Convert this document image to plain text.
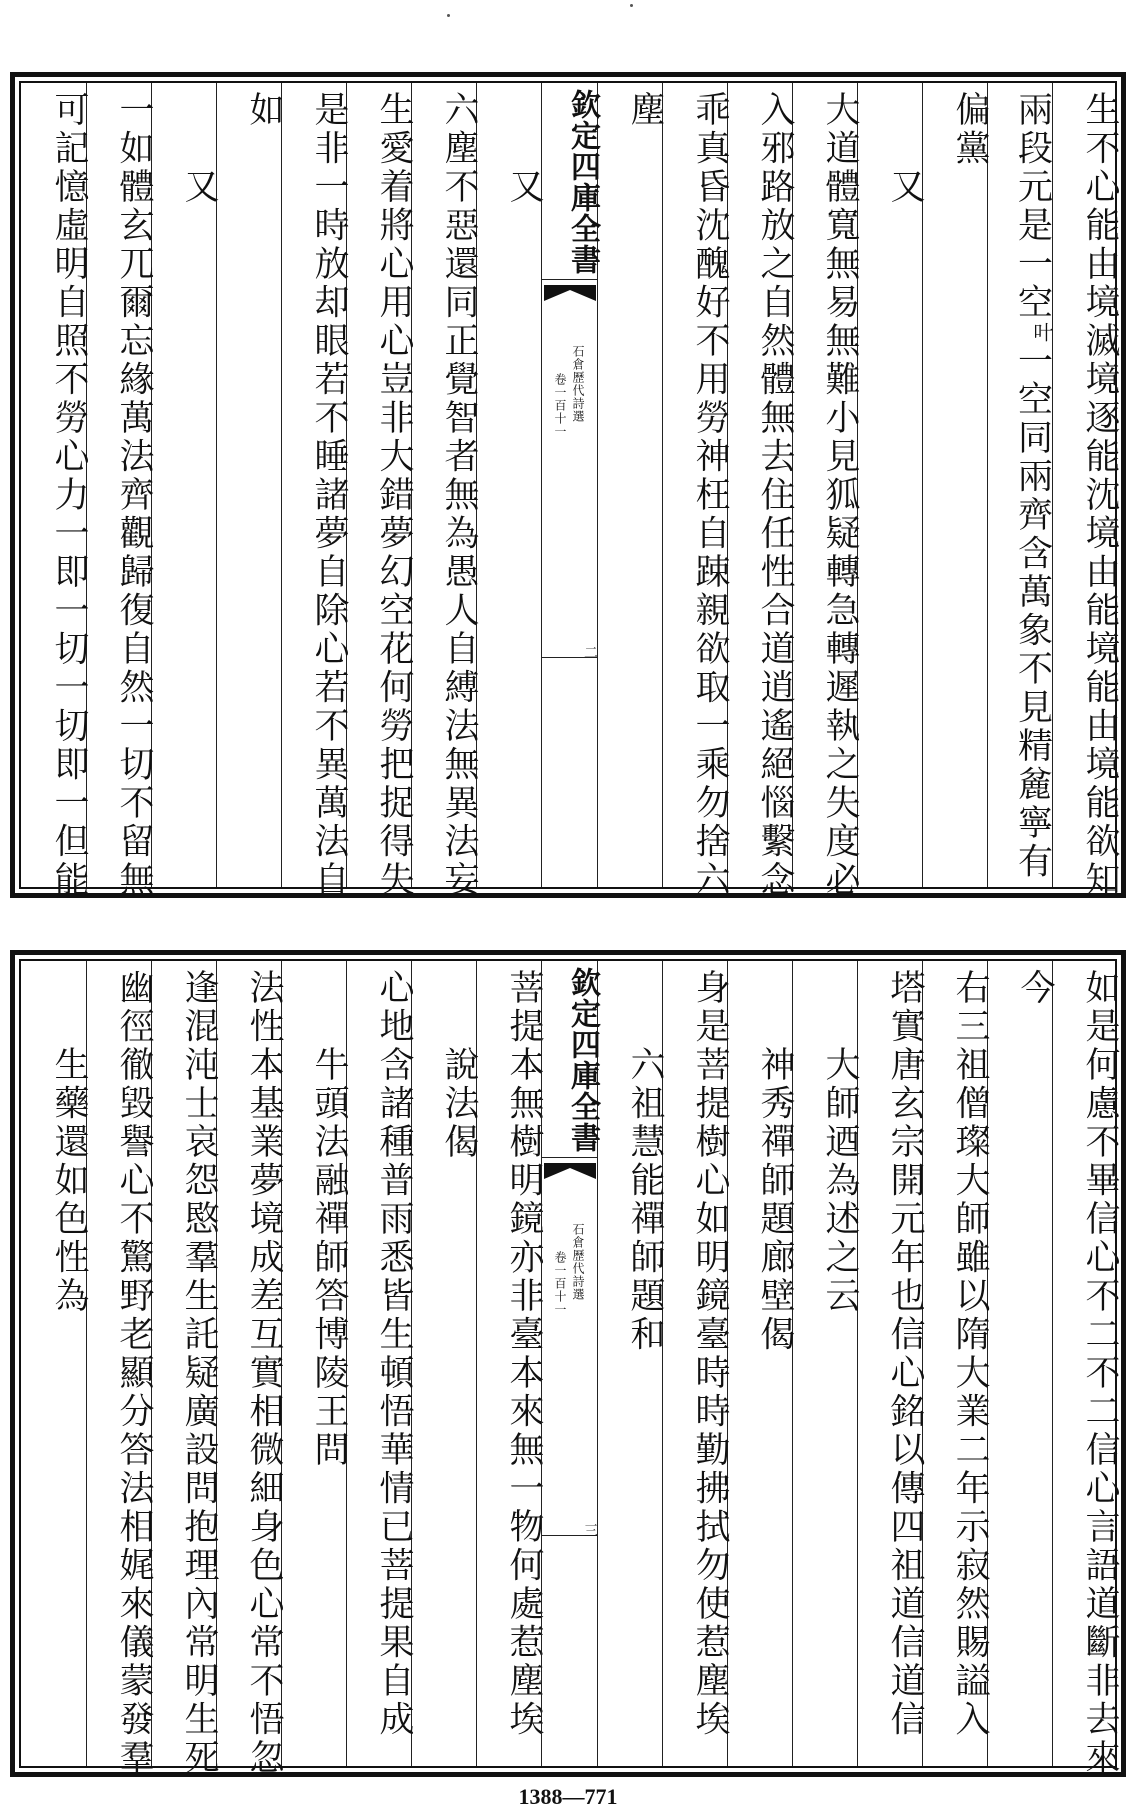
生不心能由境滅境逐能沈境由能境能由境能欲知
兩段元是一空叶一空同兩齊含萬象不見精麄寧有
偏黨
又
大道體寬無易無難小見狐疑轉急轉遲執之失度必
入邪路放之自然體無去住任性合道逍遙絕惱繫念
乖真昏沈醜好不用勞神枉自踈親欲取一乘勿捨六
塵
又
六塵不惡還同正覺智者無為愚人自縛法無異法妄
生愛着將心用心豈非大錯夢幻空花何勞把捉得失
是非一時放却眼若不睡諸夢自除心若不異萬法自
如
又
一如體玄兀爾忘緣萬法齊觀歸復自然一切不留無
可記憶虛明自照不勞心力一即一切一切即一但能	欽定四庫全書
石倉歷代詩選
卷一百十一
二
如是何慮不畢信心不二不二信心言語道斷非去來
今
右三祖僧璨大師雖以隋大業二年示寂然賜謚入
塔實唐玄宗開元年也信心銘以傳四祖道信道信
大師迺為述之云
神秀禪師題廊壁偈
身是菩提樹心如明鏡臺時時勤拂拭勿使惹塵埃
六祖慧能禪師題和
菩提本無樹明鏡亦非臺本來無一物何處惹塵埃
說法偈
心地含諸種普雨悉皆生頓悟華情已菩提果自成
牛頭法融禪師答博陵王問
法性本基業夢境成差互實相微細身色心常不悟忽
逢混沌士哀怨愍羣生託疑廣設問抱理內常明生死
幽徑徹毀譽心不驚野老顯分答法相娓來儀蒙發羣
生藥還如色性為	欽定四庫全書
石倉歷代詩選
卷一百十一
三
1388—771
